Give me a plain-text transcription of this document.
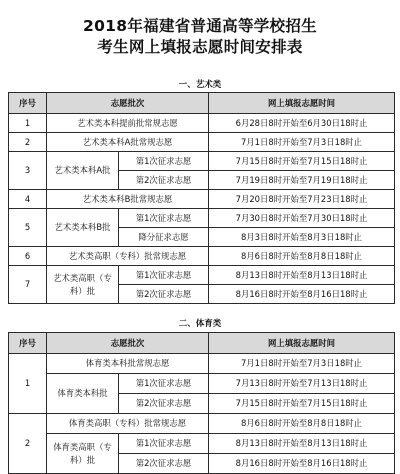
2018年福建省普通高等学校招生
考生网上填报志愿时间安排表
一、艺术类
序号	志愿批次		网上填报志愿时间
1	艺术类本科提前批常规志愿		6月28日8时开始至6月30日18时止
2	艺术类本科A批常规志愿		7月1日8时开始至7月3日18时止
3	艺术类本科A批	第1次征求志愿	7月15日8时开始至7月15日18时止
		第2次征求志愿	7月19日8时开始至7月19日18时止
4	艺术类本科B批常规志愿		7月20日8时开始至7月23日18时止
5	艺术类本科B批	第1次征求志愿	7月30日8时开始至7月30日18时止
		降分征求志愿	8月3日8时开始至8月3日18时止
6	艺术类高职（专科）批常规志愿		8月6日8时开始至8月8日18时止
7	艺术类高职（专科）批	第1次征求志愿	8月13日8时开始至8月13日18时止
		第2次征求志愿	8月16日8时开始至8月16日18时止
二、体育类
序号	志愿批次		网上填报志愿时间
1	体育类本科批常规志愿		7月1日8时开始至7月3日18时止
	体育类本科批	第1次征求志愿	7月13日8时开始至7月13日18时止
		第2次征求志愿	7月15日8时开始至7月15日18时止
2	体育类高职（专科）批常规志愿		8月6日8时开始至8月8日18时止
	体育类高职（专科）批	第1次征求志愿	8月13日8时开始至8月13日18时止
		第2次征求志愿	8月16日8时开始至8月16日18时止
